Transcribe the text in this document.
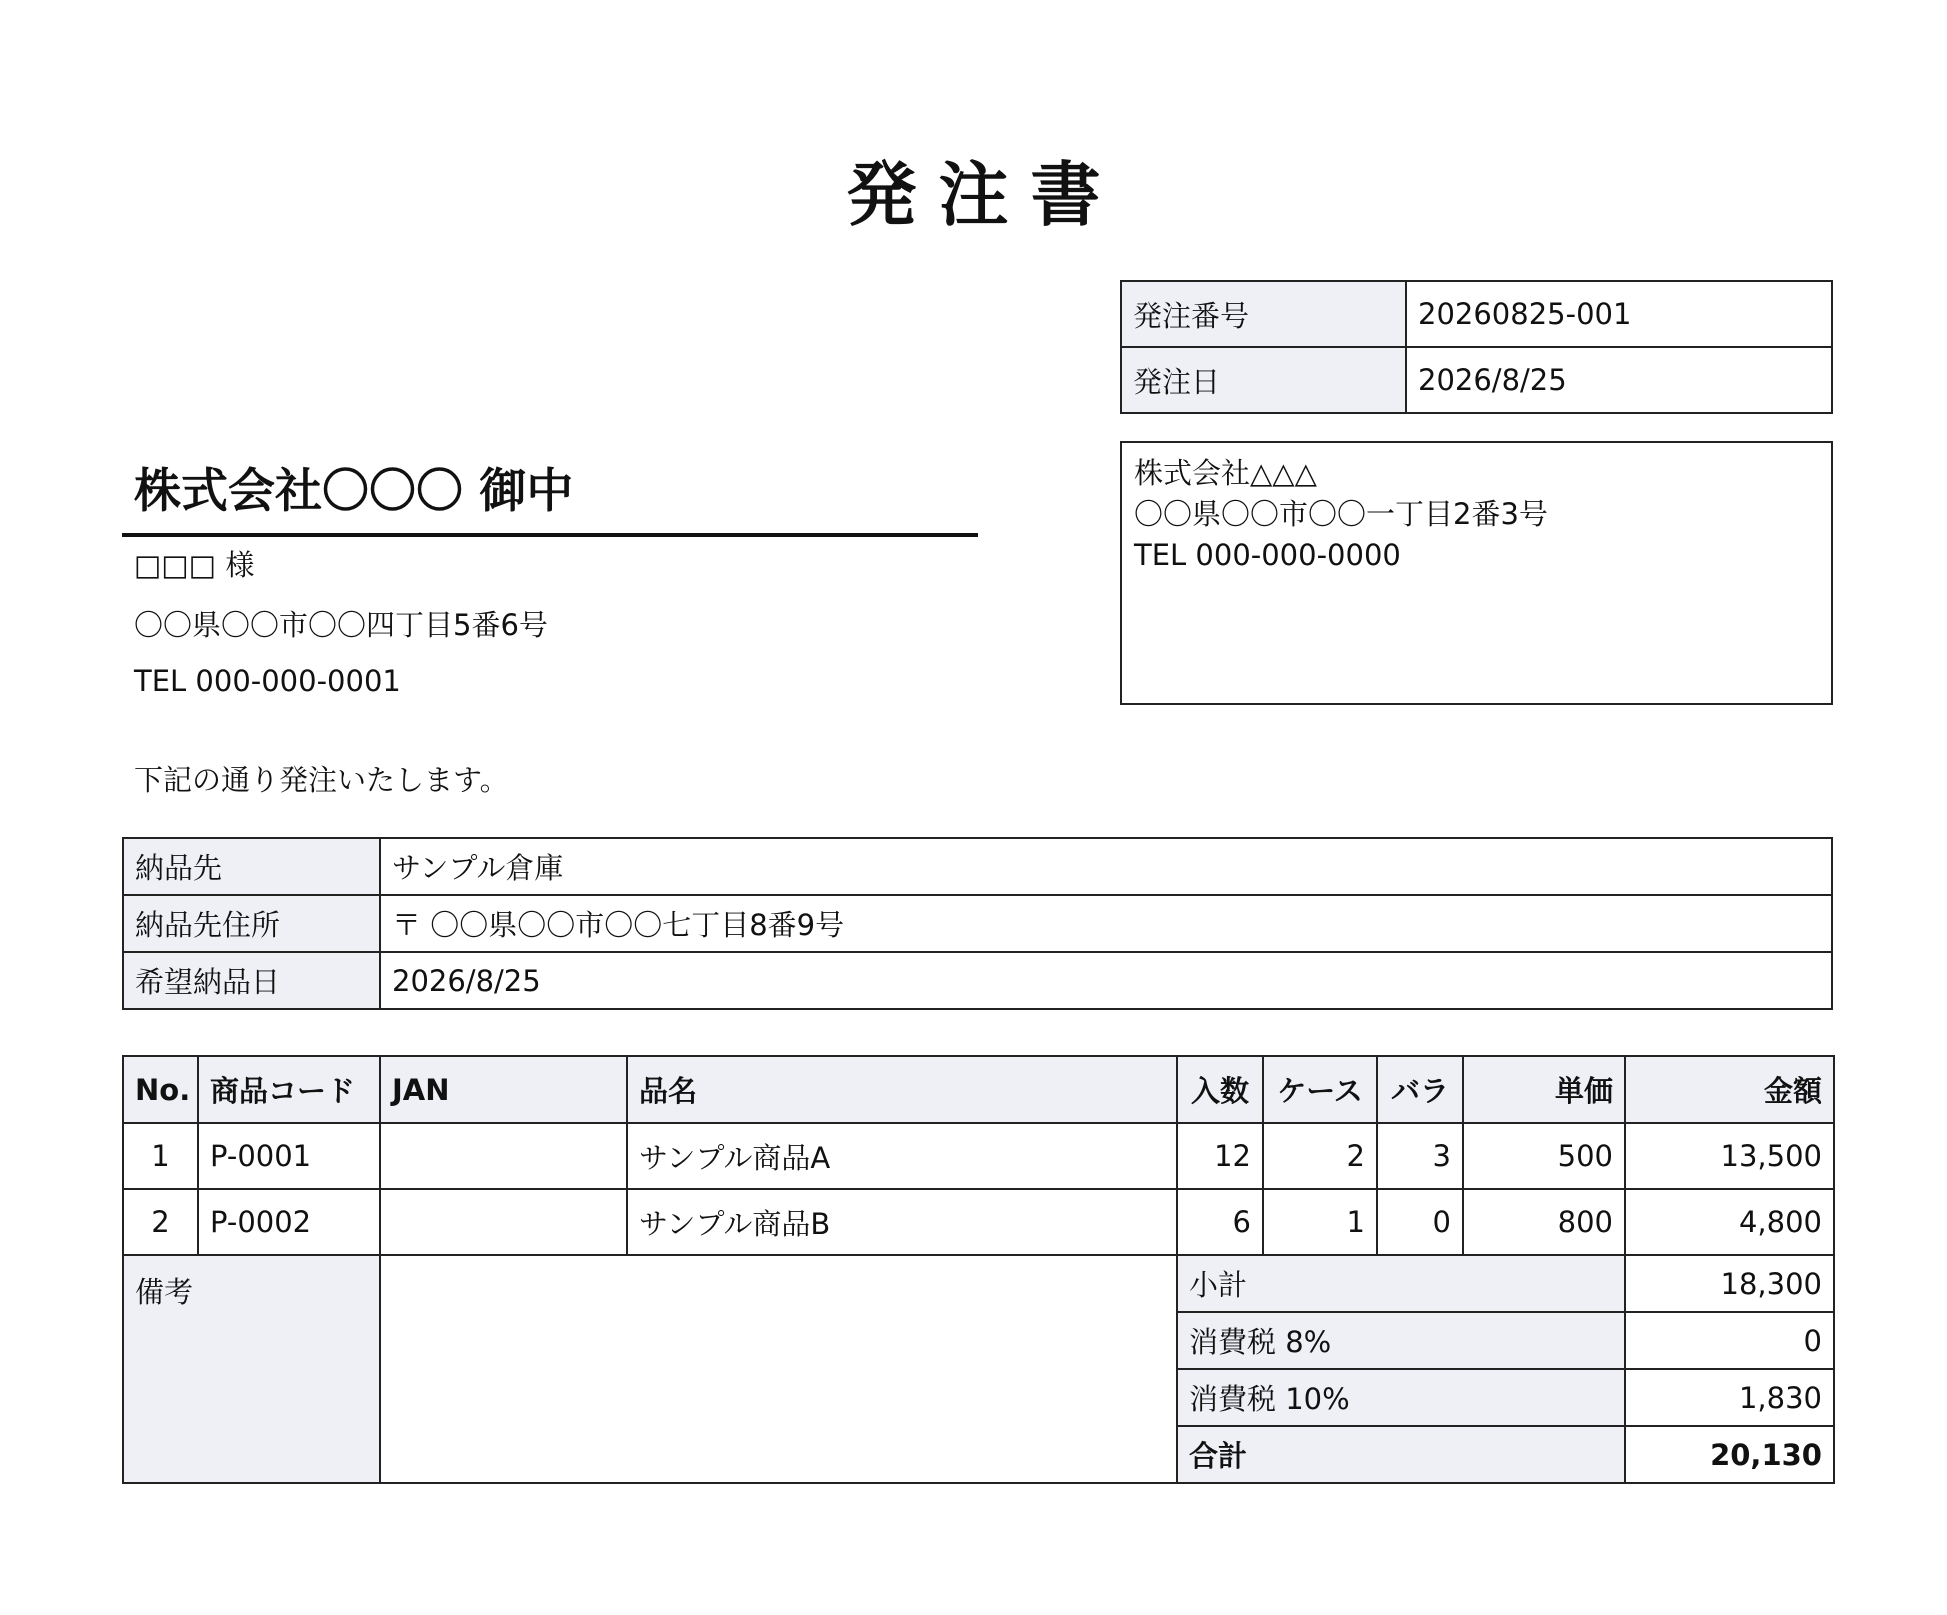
発注書
発注番号	20260825-001
発注日	2026/8/25
株式会社△△△
〇〇県〇〇市〇〇一丁目2番3号
TEL 000-000-0000
株式会社〇〇〇 御中
□□□ 様
〇〇県〇〇市〇〇四丁目5番6号
TEL 000-000-0001
下記の通り発注いたします。
納品先	サンプル倉庫
納品先住所	〒 〇〇県〇〇市〇〇七丁目8番9号
希望納品日	2026/8/25
No.	商品コード	JAN	品名	入数	ケース	バラ	単価	金額
1	P-0001		サンプル商品A	12	2	3	500	13,500
2	P-0002		サンプル商品B	6	1	0	800	4,800
備考				小計				18,300
				消費税 8%				0
				消費税 10%				1,830
				合計				20,130
